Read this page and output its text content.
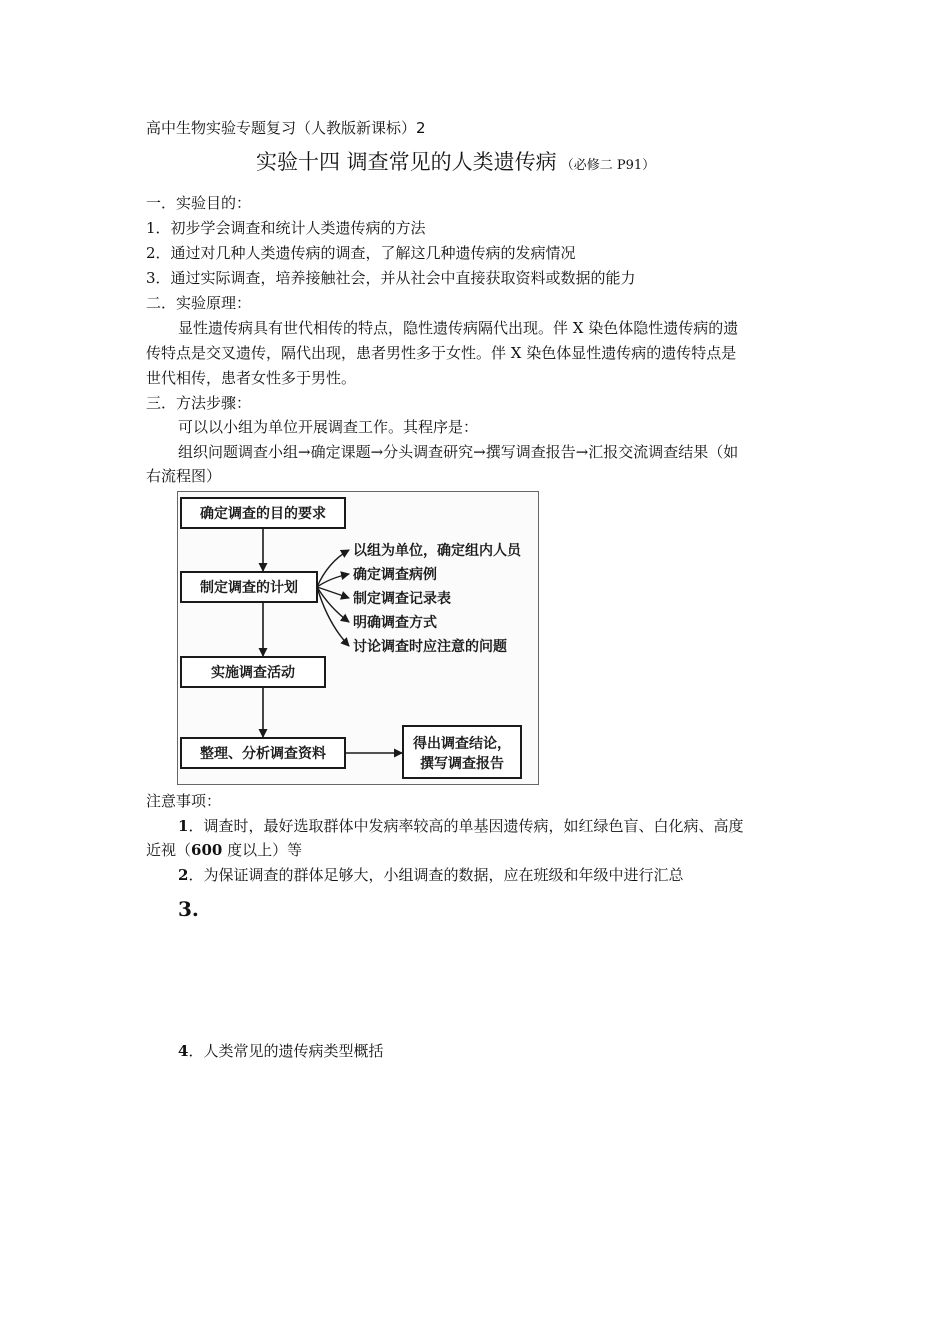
高中生物实验专题复习（人教版新课标）2
实验十四 调查常见的人类遗传病 （必修二 P91）
一．实验目的：
1．初步学会调查和统计人类遗传病的方法
2．通过对几种人类遗传病的调查，了解这几种遗传病的发病情况
3．通过实际调查，培养接触社会，并从社会中直接获取资料或数据的能力
二．实验原理：
显性遗传病具有世代相传的特点，隐性遗传病隔代出现。伴 X 染色体隐性遗传病的遗
传特点是交叉遗传，隔代出现，患者男性多于女性。伴 X 染色体显性遗传病的遗传特点是
世代相传，患者女性多于男性。
三．方法步骤：
可以以小组为单位开展调查工作。其程序是：
组织问题调查小组→确定课题→分头调查研究→撰写调查报告→汇报交流调查结果（如
右流程图）
确定调查的目的要求
制定调查的计划
实施调查活动
整理、分析调查资料
得出调查结论，
撰写调查报告
以组为单位，确定组内人员
确定调查病例
制定调查记录表
明确调查方式
讨论调查时应注意的问题
注意事项：
1．调查时，最好选取群体中发病率较高的单基因遗传病，如红绿色盲、白化病、高度
近视（600 度以上）等
2．为保证调查的群体足够大，小组调查的数据，应在班级和年级中进行汇总
3.
4．人类常见的遗传病类型概括
